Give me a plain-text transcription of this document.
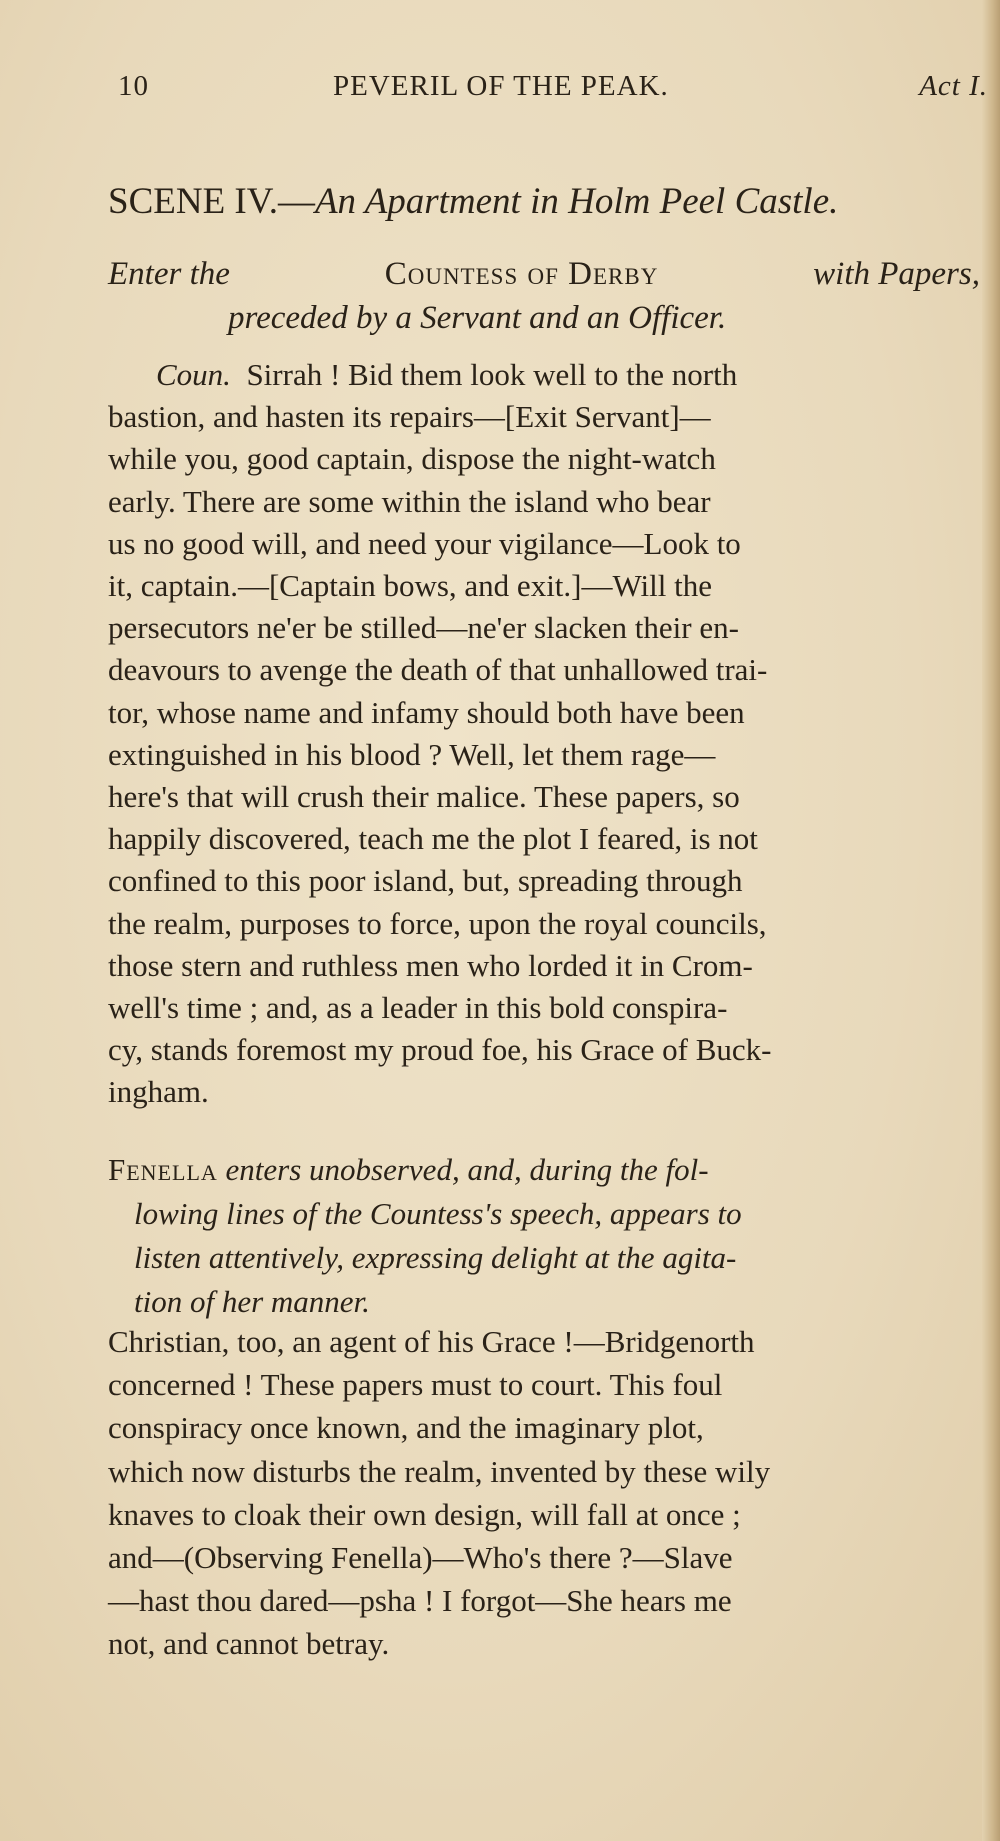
10	PEVERIL OF THE PEAK.	Act I.
SCENE IV.—An Apartment in Holm Peel Castle.
Enter the	Countess of Derby	with Papers,
preceded by a Servant and an Officer.
Coun. Sirrah ! Bid them look well to the north
bastion, and hasten its repairs—[Exit Servant]—
while you, good captain, dispose the night-watch
early. There are some within the island who bear
us no good will, and need your vigilance—Look to
it, captain.—[Captain bows, and exit.]—Will the
persecutors ne'er be stilled—ne'er slacken their en-
deavours to avenge the death of that unhallowed trai-
tor, whose name and infamy should both have been
extinguished in his blood ? Well, let them rage—
here's that will crush their malice. These papers, so
happily discovered, teach me the plot I feared, is not
confined to this poor island, but, spreading through
the realm, purposes to force, upon the royal councils,
those stern and ruthless men who lorded it in Crom-
well's time ; and, as a leader in this bold conspira-
cy, stands foremost my proud foe, his Grace of Buck-
ingham.
Fenella enters unobserved, and, during the fol-
lowing lines of the Countess's speech, appears to
listen attentively, expressing delight at the agita-
tion of her manner.
Christian, too, an agent of his Grace !—Bridgenorth
concerned ! These papers must to court. This foul
conspiracy once known, and the imaginary plot,
which now disturbs the realm, invented by these wily
knaves to cloak their own design, will fall at once ;
and—(Observing Fenella)—Who's there ?—Slave
—hast thou dared—psha ! I forgot—She hears me
not, and cannot betray.
